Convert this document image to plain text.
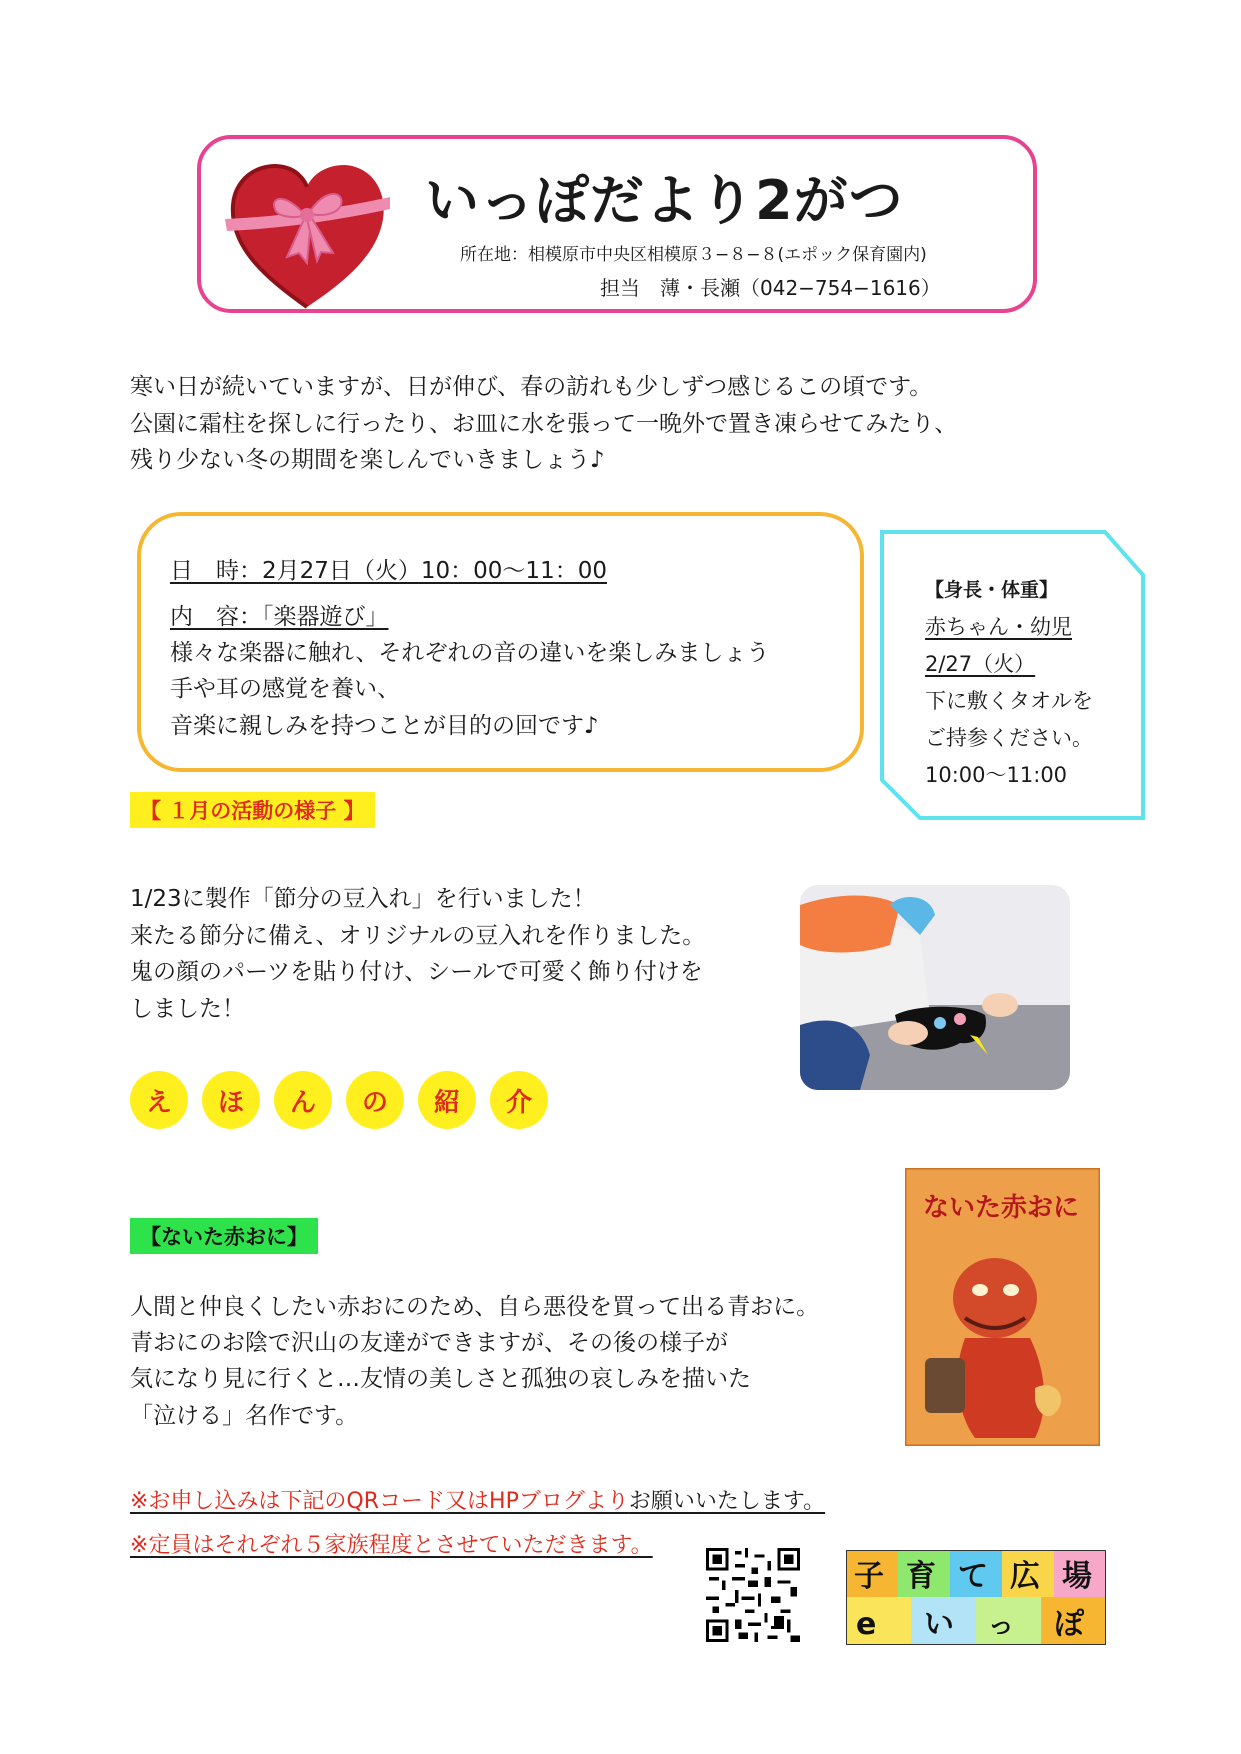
いっぽだより2がつ
所在地：相模原市中央区相模原３−８−８(エポック保育園内)
担当　薄・長瀬（042−754−1616）
寒い日が続いていますが、日が伸び、春の訪れも少しずつ感じるこの頃です。
公園に霜柱を探しに行ったり、お皿に水を張って一晩外で置き凍らせてみたり、
残り少ない冬の期間を楽しんでいきましょう♪
日　時：2月27日（火）10：00〜11：00
内　容：「楽器遊び」
様々な楽器に触れ、それぞれの音の違いを楽しみましょう
手や耳の感覚を養い、
音楽に親しみを持つことが目的の回です♪
【身長・体重】
赤ちゃん・幼児
2/27（火）
下に敷くタオルを
ご持参ください。
10:00〜11:00
【 １月の活動の様子 】
1/23に製作「節分の豆入れ」を行いました！
来たる節分に備え、オリジナルの豆入れを作りました。
鬼の顔のパーツを貼り付け、シールで可愛く飾り付けを
しました！
え	ほ	ん	の	紹	介
【ないた赤おに】
ないた赤おに
人間と仲良くしたい赤おにのため、自ら悪役を買って出る青おに。
青おにのお陰で沢山の友達ができますが、その後の様子が
気になり見に行くと…友情の美しさと孤独の哀しみを描いた
「泣ける」名作です。
※お申し込みは下記のQRコード又はHPブログよりお願いいたします。
※定員はそれぞれ５家族程度とさせていただきます。
子 育 て 広 場
e い っ ぽ
